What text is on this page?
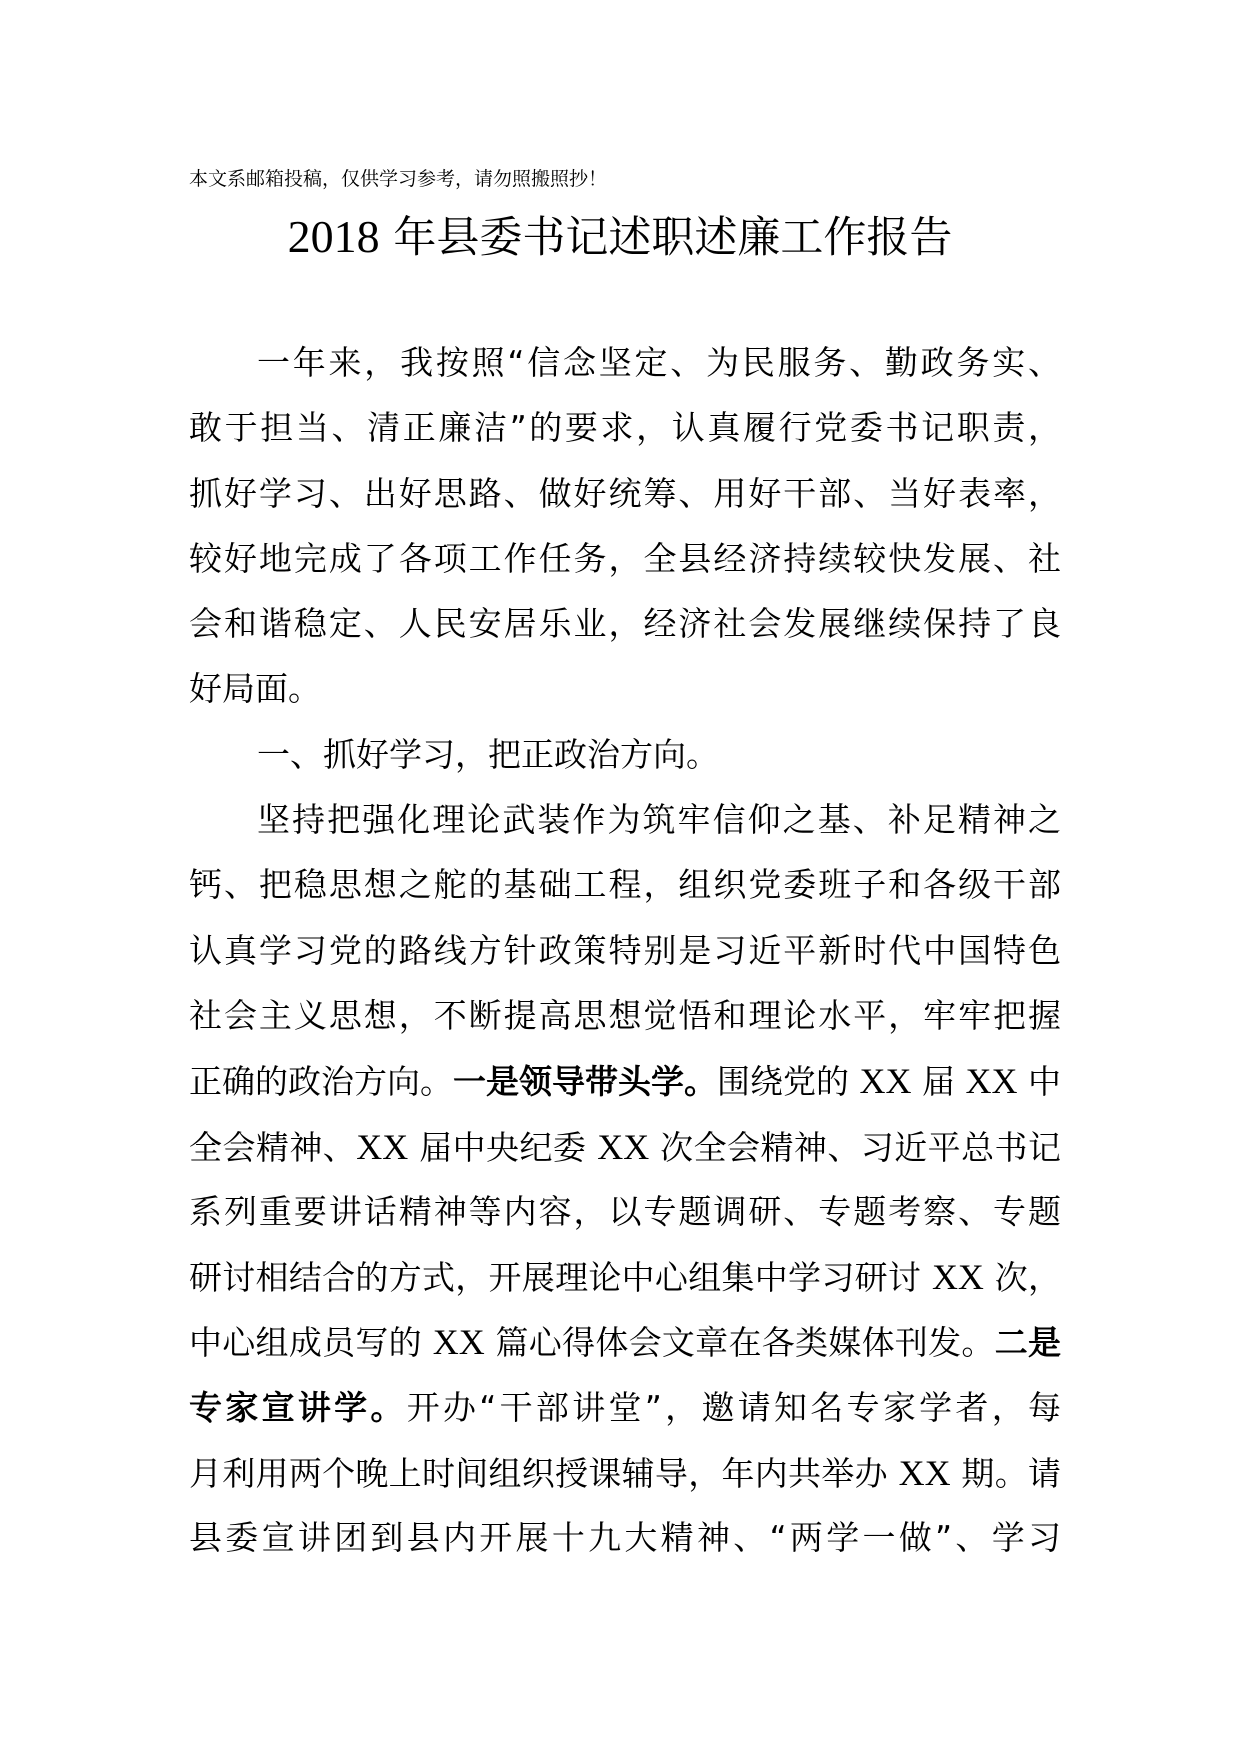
本文系邮箱投稿，仅供学习参考，请勿照搬照抄！
2018 年县委书记述职述廉工作报告
一年来，我按照“信念坚定、为民服务、勤政务实、
敢于担当、清正廉洁”的要求，认真履行党委书记职责，
抓好学习、出好思路、做好统筹、用好干部、当好表率，
较好地完成了各项工作任务，全县经济持续较快发展、社
会和谐稳定、人民安居乐业，经济社会发展继续保持了良
好局面。
一、抓好学习，把正政治方向。
坚持把强化理论武装作为筑牢信仰之基、补足精神之
钙、把稳思想之舵的基础工程，组织党委班子和各级干部
认真学习党的路线方针政策特别是习近平新时代中国特色
社会主义思想，不断提高思想觉悟和理论水平，牢牢把握
正确的政治方向。一是领导带头学。围绕党的 XX 届 XX 中
全会精神、XX 届中央纪委 XX 次全会精神、习近平总书记
系列重要讲话精神等内容，以专题调研、专题考察、专题
研讨相结合的方式，开展理论中心组集中学习研讨 XX 次，
中心组成员写的 XX 篇心得体会文章在各类媒体刊发。二是
专家宣讲学。开办“干部讲堂”，邀请知名专家学者，每
月利用两个晚上时间组织授课辅导，年内共举办 XX 期。请
县委宣讲团到县内开展十九大精神、“两学一做”、学习
